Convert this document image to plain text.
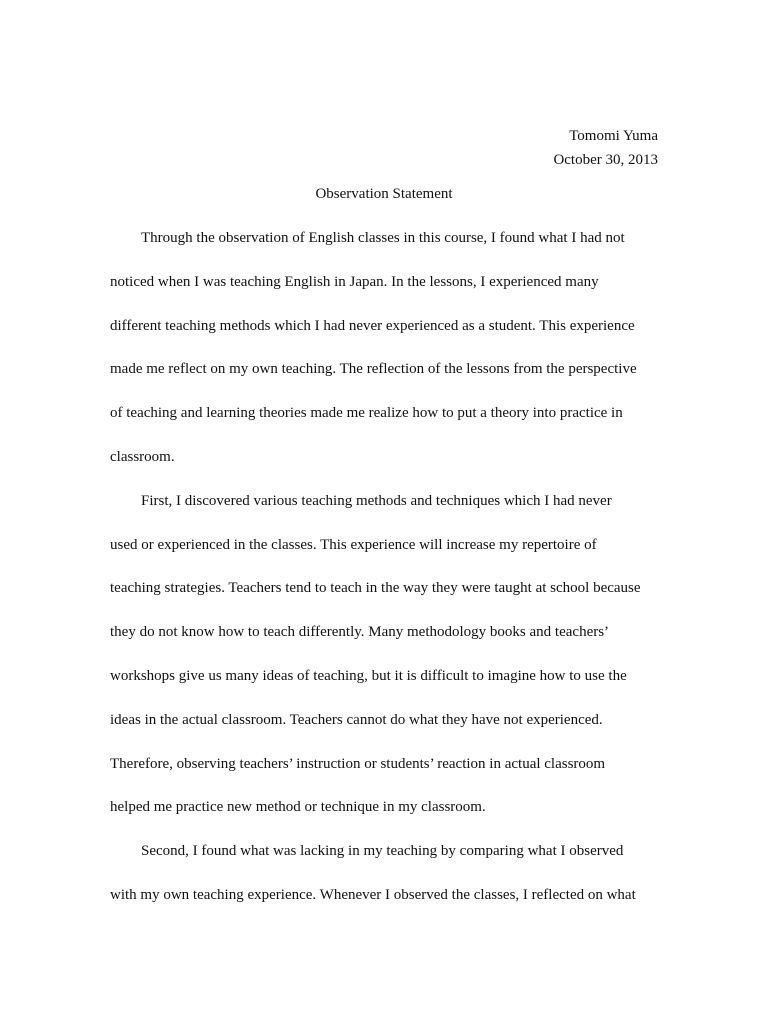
Tomomi Yuma
October 30, 2013
Observation Statement
Through the observation of English classes in this course, I found what I had not
noticed when I was teaching English in Japan. In the lessons, I experienced many
different teaching methods which I had never experienced as a student. This experience
made me reflect on my own teaching. The reflection of the lessons from the perspective
of teaching and learning theories made me realize how to put a theory into practice in
classroom.
First, I discovered various teaching methods and techniques which I had never
used or experienced in the classes. This experience will increase my repertoire of
teaching strategies. Teachers tend to teach in the way they were taught at school because
they do not know how to teach differently. Many methodology books and teachers’
workshops give us many ideas of teaching, but it is difficult to imagine how to use the
ideas in the actual classroom. Teachers cannot do what they have not experienced.
Therefore, observing teachers’ instruction or students’ reaction in actual classroom
helped me practice new method or technique in my classroom.
Second, I found what was lacking in my teaching by comparing what I observed
with my own teaching experience. Whenever I observed the classes, I reflected on what
